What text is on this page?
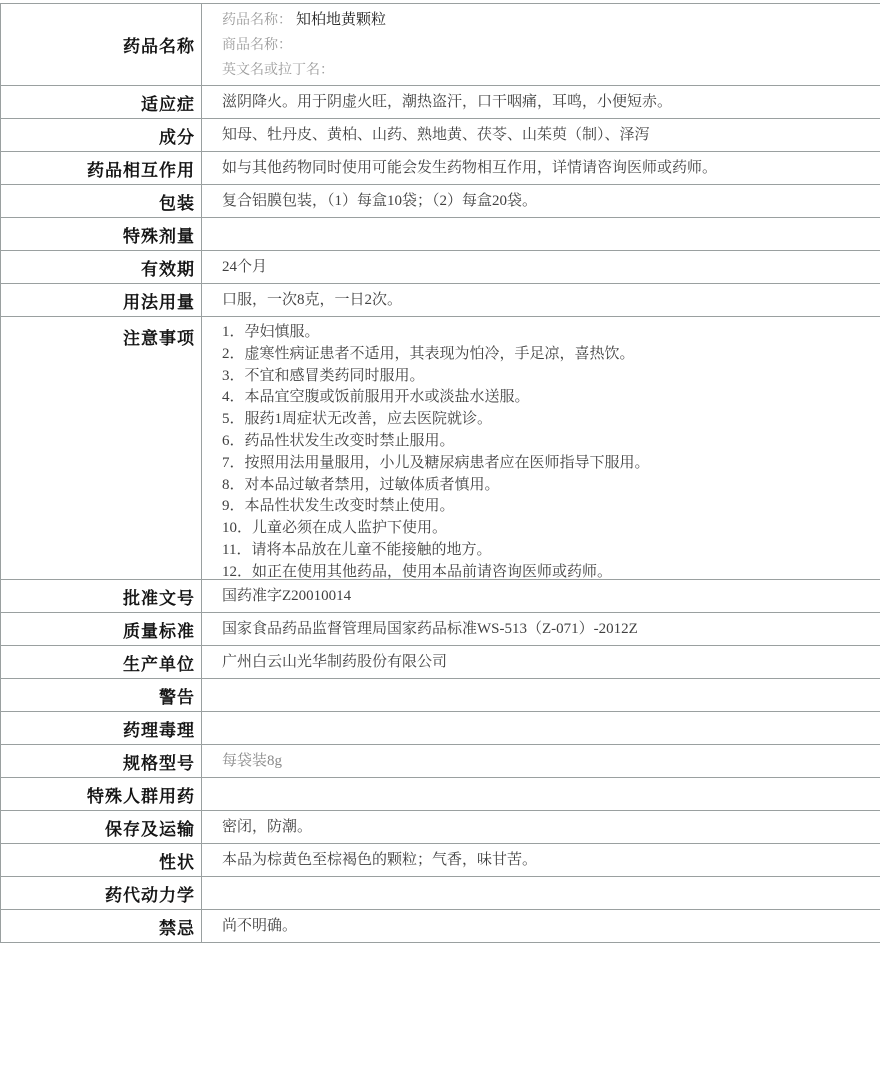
药品名称
药品名称： 知柏地黄颗粒
商品名称：
英文名或拉丁名：
适应症	滋阴降火。用于阴虚火旺，潮热盗汗，口干咽痛，耳鸣，小便短赤。
成分	知母、牡丹皮、黄柏、山药、熟地黄、茯苓、山茱萸（制）、泽泻
药品相互作用	如与其他药物同时使用可能会发生药物相互作用，详情请咨询医师或药师。
包装	复合铝膜包装，（1）每盒10袋；（2）每盒20袋。
特殊剂量
有效期	24个月
用法用量	口服，一次8克，一日2次。
注意事项	1．孕妇慎服。
2．虚寒性病证患者不适用，其表现为怕冷，手足凉，喜热饮。
3．不宜和感冒类药同时服用。
4．本品宜空腹或饭前服用开水或淡盐水送服。
5．服药1周症状无改善，应去医院就诊。
6．药品性状发生改变时禁止服用。
7．按照用法用量服用，小儿及糖尿病患者应在医师指导下服用。
8．对本品过敏者禁用，过敏体质者慎用。
9．本品性状发生改变时禁止使用。
10．儿童必须在成人监护下使用。
11．请将本品放在儿童不能接触的地方。
12．如正在使用其他药品，使用本品前请咨询医师或药师。
批准文号	国药准字Z20010014
质量标准	国家食品药品监督管理局国家药品标准WS-513（Z-071）-2012Z
生产单位	广州白云山光华制药股份有限公司
警告
药理毒理
规格型号	每袋装8g
特殊人群用药
保存及运输	密闭，防潮。
性状	本品为棕黄色至棕褐色的颗粒；气香，味甘苦。
药代动力学
禁忌	尚不明确。
